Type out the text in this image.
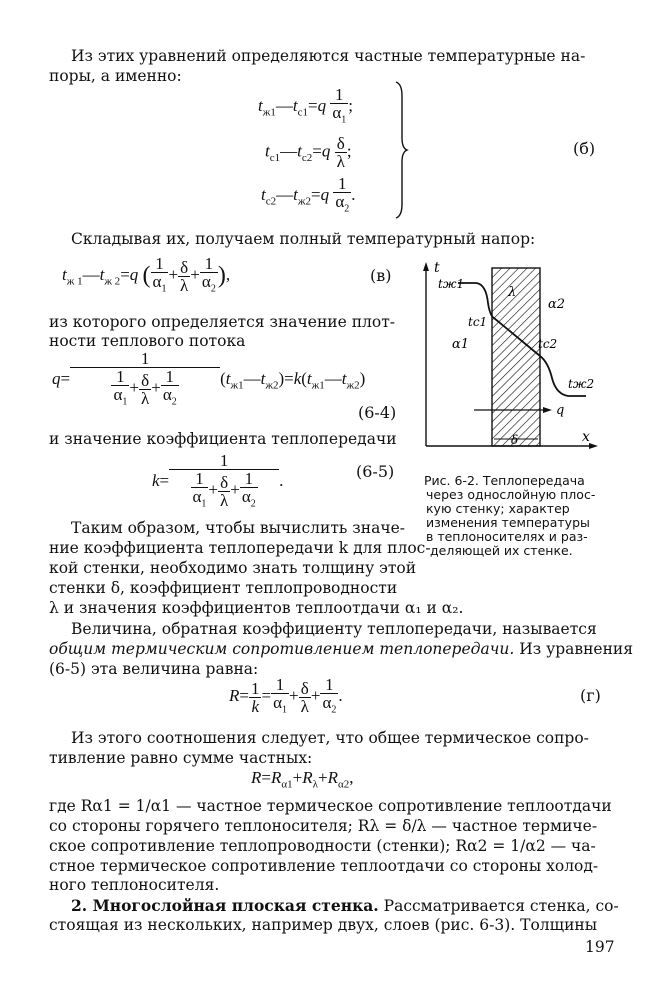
Из этих уравнений определяются частные температурные на-
поры, а именно:
$t_{ж1}—t_{c1}=q \frac{1}{\alpha_1}$ ;
$t_{c1}—t_{c2}=q \frac{\delta}{\lambda}$ ;
$t_{c2}—t_{ж2}=q \frac{1}{\alpha_2}$ .
(б)
Складывая их, получаем полный температурный напор:
$t_{ж 1}—t_{ж 2}=q$ ( $\frac{1}{\alpha_1} + \frac{\delta}{\lambda} + \frac{1}{\alpha_2}$ ),	(в)
из которого определяется значение плот-
ности теплового потока
$q= \frac{1}{\frac{1}{\alpha_1} + \frac{\delta}{\lambda} + \frac{1}{\alpha_2}}$ $(t_{ж1}—t_{ж2})=k(t_{ж1}—t_{ж2})$
(6-4)
и значение коэффициента теплопередачи
$k= \frac{1}{\frac{1}{\alpha_1} + \frac{\delta}{\lambda} + \frac{1}{\alpha_2}}$ .	(6-5)
Таким образом, чтобы вычислить значе-
ние коэффициента теплопередачи k для плос-
кой стенки, необходимо знать толщину этой
стенки δ, коэффициент теплопроводности
λ и значения коэффициентов теплоотдачи α₁ и α₂.
t
x
tж1
tc1
tc2
tж2
α1
α2
λ
q
δ
Рис. 6-2. Теплопередача
через однослойную плос-
кую стенку; характер
изменения температуры
в теплоносителях и раз-
деляющей их стенке.
Величина, обратная коэффициенту теплопередачи, называется
общим термическим сопротивлением теплопередачи. Из уравнения
(6-5) эта величина равна:
$R= \frac{1}{k} = \frac{1}{\alpha_1} + \frac{\delta}{\lambda} + \frac{1}{\alpha_2}$ .	(г)
Из этого соотношения следует, что общее термическое сопро-
тивление равно сумме частных:
$R=R_{\alpha 1}+R_\lambda+R_{\alpha 2}$,
где Rα1 = 1/α1 — частное термическое сопротивление теплоотдачи
со стороны горячего теплоносителя; Rλ = δ/λ — частное термиче-
ское сопротивление теплопроводности (стенки); Rα2 = 1/α2 — ча-
стное термическое сопротивление теплоотдачи со стороны холод-
ного теплоносителя.
2. Многослойная плоская стенка. Рассматривается стенка, со-
стоящая из нескольких, например двух, слоев (рис. 6-3). Толщины
197
